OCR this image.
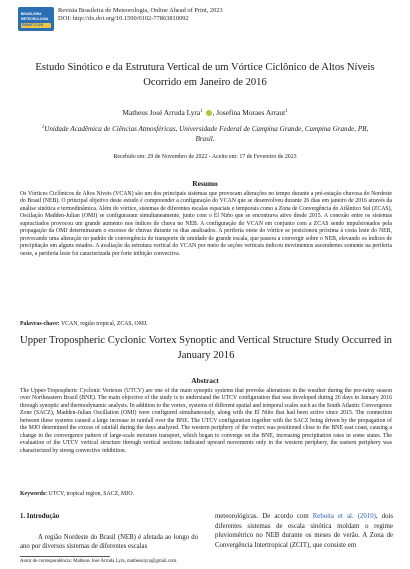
BRASILEIRA
METEOROLOGIA
RBMET.COM
Revista Brasileira de Meteorologia, Online Ahead of Print, 2023
DOI: http://dx.doi.org/10.1590/0102-77863810092
Estudo Sinótico e da Estrutura Vertical de um Vórtice Ciclônico de Altos Níveis Ocorrido em Janeiro de 2016
Matheus José Arruda Lyra$^1$ , Josefina Moraes Arraut$^1$
$^1$Unidade Acadêmica de Ciências Atmosféricas, Universidade Federal de Campina Grande, Campina Grande, PB, Brasil.
Recebido em: 29 de Novembro de 2022 - Aceito em: 17 de Fevereiro de 2023
Resumo
Os Vórtices Ciclônicos de Altos Níveis (VCAN) são um dos principais sistemas que provocam alterações no tempo durante a pré-estação chuvosa do Nordeste do Brasil (NEB). O principal objetivo deste estudo é compreender a configuração do VCAN que se desenvolveu durante 26 dias em janeiro de 2016 através da análise sinótica e termodinâmica. Além do vórtice, sistemas de diferentes escalas espaciais e temporais como a Zona de Convergência do Atlântico Sul (ZCAS), Oscilação Madden-Julian (OMJ) se configuraram simultaneamente, junto com o El Niño que se encontrava ativo desde 2015. A conexão entre os sistemas supracitados provocou um grande aumento nos índices de chuva no NEB. A configuração do VCAN em conjunto com a ZCAS sendo impulsionados pela propagação da OMJ determinaram o excesso de chuvas durante os dias analisados. A periferia oeste do vórtice se posicionou próxima à costa leste do NEB, provocando uma alteração no padrão de convergência do transporte de umidade de grande escala, que passou a convergir sobre o NEB, elevando os índices de precipitação em alguns estados. A avaliação da estrutura vertical do VCAN por meio de seções verticais indicou movimentos ascendentes somente na periferia oeste, a periferia leste foi caracterizada por forte inibição convectiva.
Palavras-chave: VCAN, região tropical, ZCAS, OMJ.
Upper Tropospheric Cyclonic Vortex Synoptic and Vertical Structure Study Occurred in January 2016
Abstract
The Upper-Tropospheric Cyclonic Vortexes (UTCV) are one of the main synoptic systems that provoke alterations in the weather during the pre-rainy season over Northeastern Brazil (BNE). The main objective of the study is to understand the UTCV configuration that was developed during 26 days in January 2016 through synoptic and thermodynamic analysis. In addition to the vortex, systems of different spatial and temporal scales such as the South Atlantic Convergence Zone (SACZ), Madden-Julian Oscillation (OMJ) were configured simultaneously, along with the El Niño that had been active since 2015. The connection between these systems caused a large increase in rainfall over the BNE. The UTCV configuration together with the SACZ being driven by the propagation of the MJO determined the excess of rainfall during the days analyzed. The western periphery of the vortex was positioned close to the BNE east coast, causing a change in the convergence pattern of large-scale moisture transport, which began to converge on the BNE, increasing precipitation rates in some states. The evaluation of the UTCV vertical structure through vertical sections indicated upward movements only in the western periphery, the eastern periphery was characterized by strong convective inhibition.
Keywords: UTCV, tropical region, SACZ, MJO.
1. Introdução
A região Nordeste do Brasil (NEB) é afetada ao longo do ano por diversos sistemas de diferentes escalas
meteorológicas. De acordo com Reboita et al. (2010), dois diferentes sistemas de escala sinótica moldam o regime pluviométrico no NEB durante os meses de verão. A Zona de Convergência Intertropical (ZCIT), que consiste em
Autor de correspondência: Matheus José Arruda Lyra, matheuslyra@gmail.com.
